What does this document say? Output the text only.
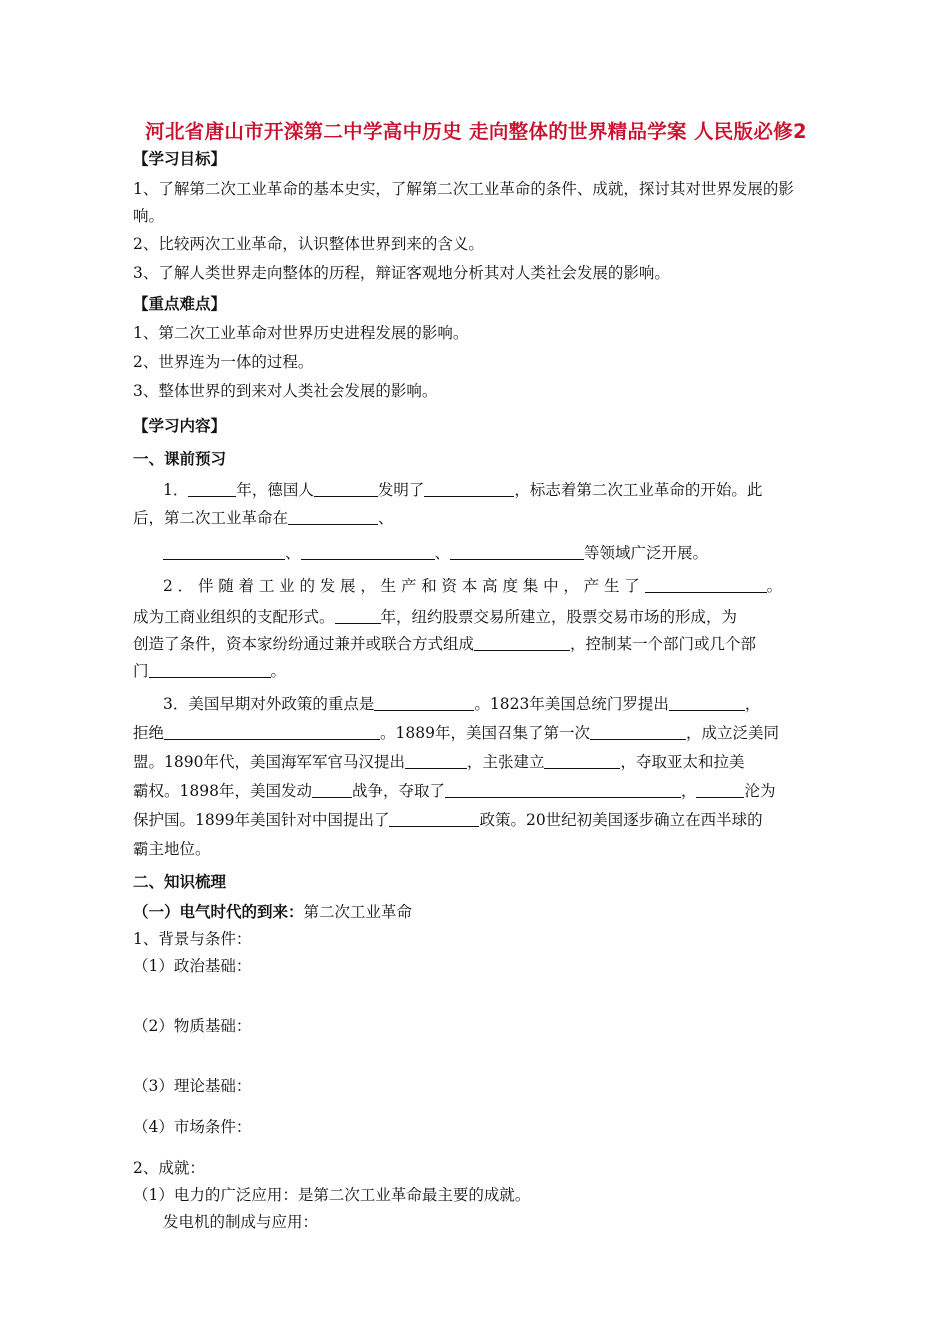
河北省唐山市开滦第二中学高中历史 走向整体的世界精品学案 人民版必修2

【学习目标】

1、了解第二次工业革命的基本史实，了解第二次工业革命的条件、成就，探讨其对世界发展的影响。

2、比较两次工业革命，认识整体世界到来的含义。

3、了解人类世界走向整体的历程，辩证客观地分析其对人类社会发展的影响。

【重点难点】

1、第二次工业革命对世界历史进程发展的影响。

2、世界连为一体的过程。

3、整体世界的到来对人类社会发展的影响。

【学习内容】

一、课前预习

1．	年，德国人	发明了	，标志着第二次工业革命的开始。此

后，第二次工业革命在	、

、	、	等领域广泛开展。

2．伴随着工业的发展，生产和资本高度集中，产生了	。

成为工商业组织的支配形式。	年，纽约股票交易所建立，股票交易市场的形成，为

创造了条件，资本家纷纷通过兼并或联合方式组成	，控制某一个部门或几个部

门	。

3．美国早期对外政策的重点是	。1823年美国总统门罗提出	，

拒绝	。1889年，美国召集了第一次	，成立泛美同

盟。1890年代，美国海军军官马汉提出	，主张建立	，夺取亚太和拉美

霸权。1898年，美国发动	战争，夺取了	，	沦为

保护国。1899年美国针对中国提出了	政策。20世纪初美国逐步确立在西半球的

霸主地位。

二、知识梳理

（一）电气时代的到来：第二次工业革命

1、背景与条件：

（1）政治基础：

（2）物质基础：

（3）理论基础：

（4）市场条件：

2、成就：

（1）电力的广泛应用：是第二次工业革命最主要的成就。

发电机的制成与应用：
